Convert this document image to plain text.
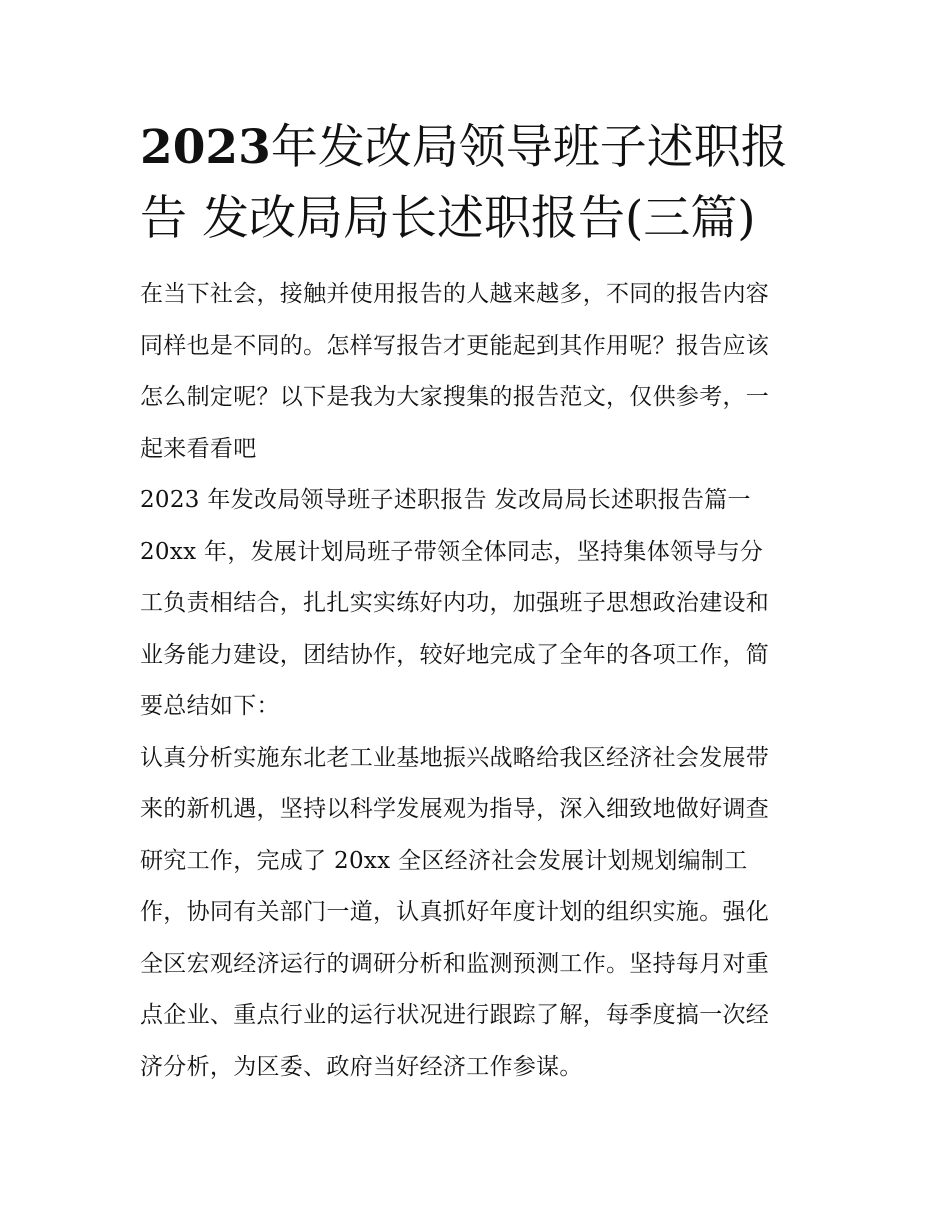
2023年发改局领导班子述职报
告 发改局局长述职报告(三篇)

在当下社会，接触并使用报告的人越来越多，不同的报告内容
同样也是不同的。怎样写报告才更能起到其作用呢？报告应该
怎么制定呢？以下是我为大家搜集的报告范文，仅供参考，一
起来看看吧

2023 年发改局领导班子述职报告 发改局局长述职报告篇一

20xx 年，发展计划局班子带领全体同志，坚持集体领导与分
工负责相结合，扎扎实实练好内功，加强班子思想政治建设和
业务能力建设，团结协作，较好地完成了全年的各项工作，简
要总结如下：

认真分析实施东北老工业基地振兴战略给我区经济社会发展带
来的新机遇，坚持以科学发展观为指导，深入细致地做好调查
研究工作，完成了 20xx 全区经济社会发展计划规划编制工
作，协同有关部门一道，认真抓好年度计划的组织实施。强化
全区宏观经济运行的调研分析和监测预测工作。坚持每月对重
点企业、重点行业的运行状况进行跟踪了解，每季度搞一次经
济分析，为区委、政府当好经济工作参谋。
